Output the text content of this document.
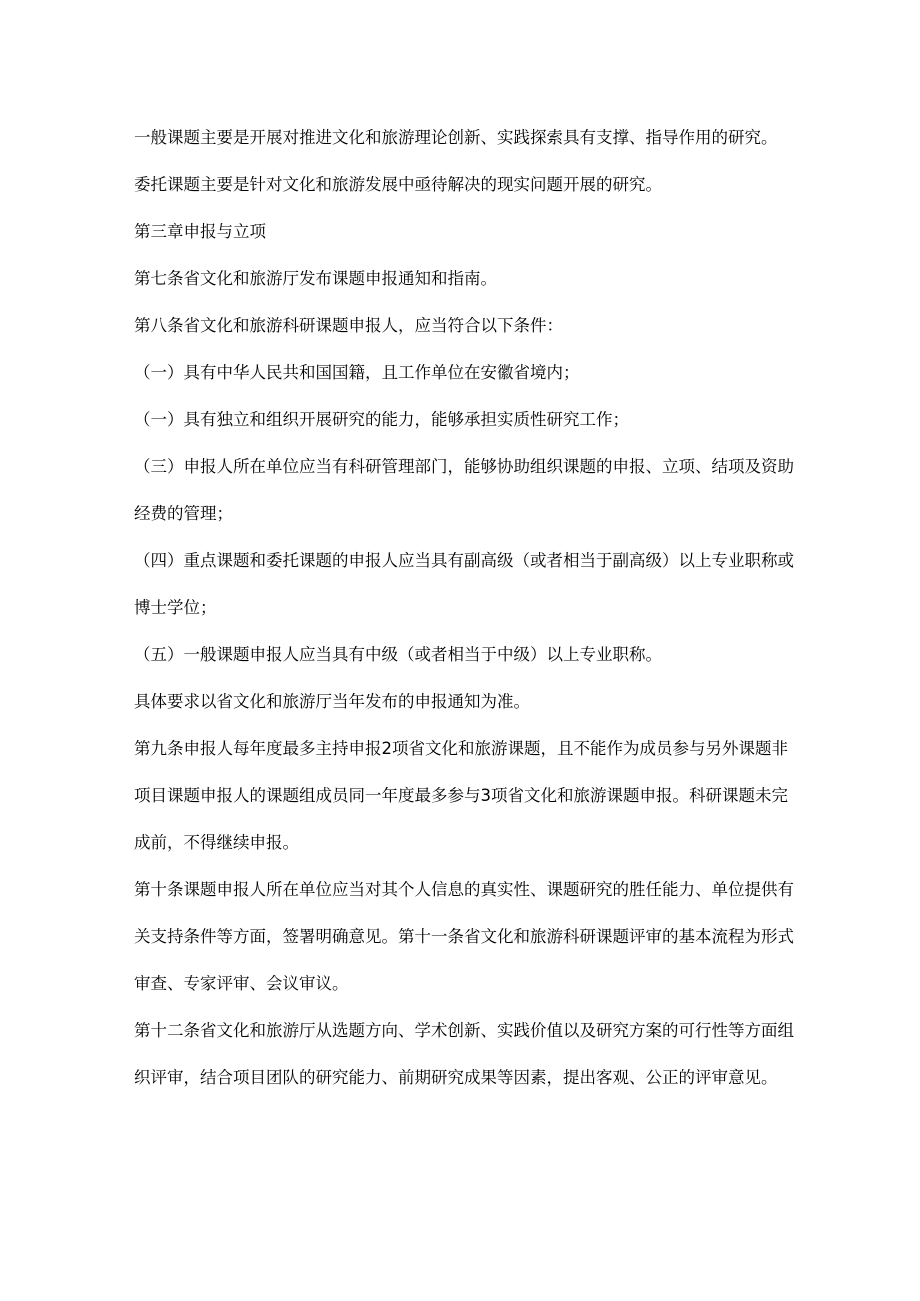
一般课题主要是开展对推进文化和旅游理论创新、实践探索具有支撑、指导作用的研究。

委托课题主要是针对文化和旅游发展中亟待解决的现实问题开展的研究。

第三章申报与立项

第七条省文化和旅游厅发布课题申报通知和指南。

第八条省文化和旅游科研课题申报人，应当符合以下条件：

（一）具有中华人民共和国国籍，且工作单位在安徽省境内；

（一）具有独立和组织开展研究的能力，能够承担实质性研究工作；

（三）申报人所在单位应当有科研管理部门，能够协助组织课题的申报、立项、结项及资助经费的管理；

（四）重点课题和委托课题的申报人应当具有副高级（或者相当于副高级）以上专业职称或博士学位；

（五）一般课题申报人应当具有中级（或者相当于中级）以上专业职称。

具体要求以省文化和旅游厅当年发布的申报通知为准。

第九条申报人每年度最多主持申报2项省文化和旅游课题，且不能作为成员参与另外课题非项目课题申报人的课题组成员同一年度最多参与3项省文化和旅游课题申报。科研课题未完成前，不得继续申报。

第十条课题申报人所在单位应当对其个人信息的真实性、课题研究的胜任能力、单位提供有关支持条件等方面，签署明确意见。第十一条省文化和旅游科研课题评审的基本流程为形式审查、专家评审、会议审议。

第十二条省文化和旅游厅从选题方向、学术创新、实践价值以及研究方案的可行性等方面组织评审，结合项目团队的研究能力、前期研究成果等因素，提出客观、公正的评审意见。
